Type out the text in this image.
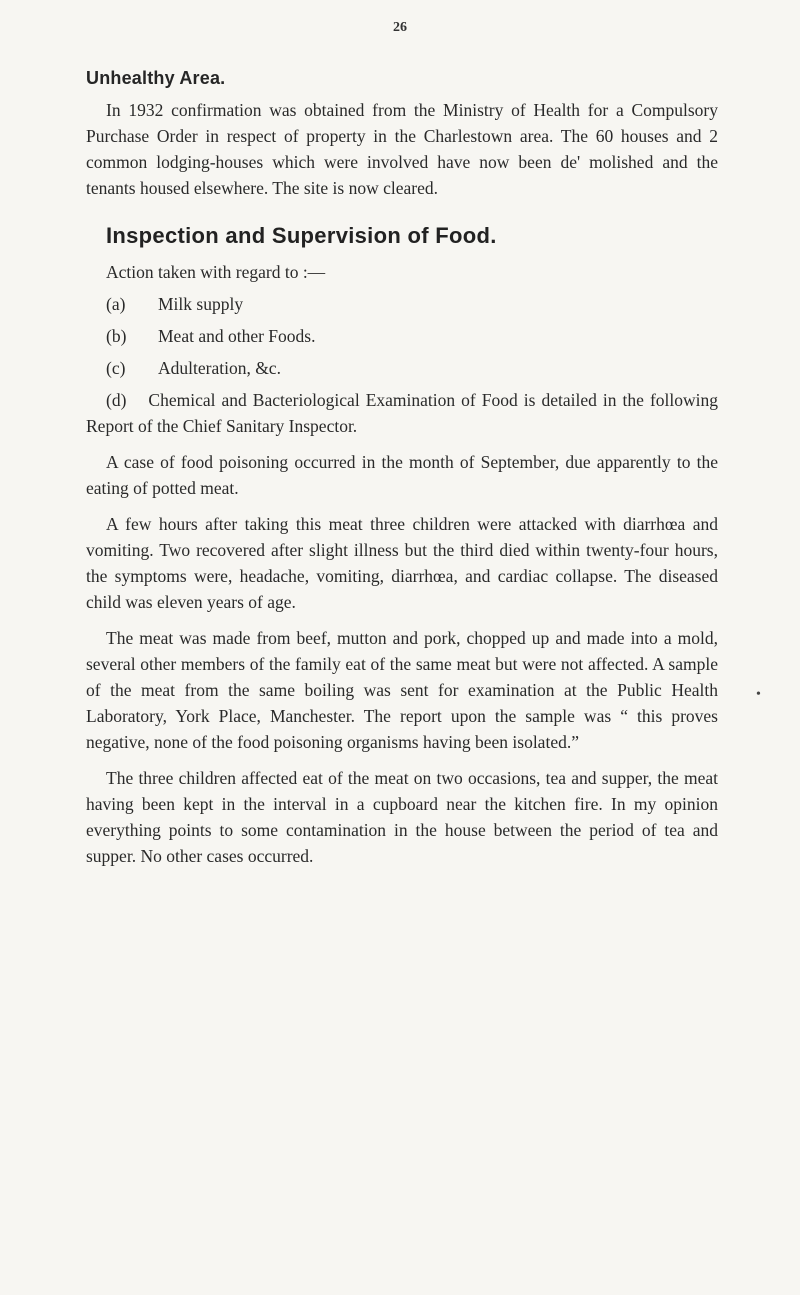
26
Unhealthy Area.

In 1932 confirmation was obtained from the Ministry of Health for a Compulsory Purchase Order in respect of property in the Charlestown area. The 60 houses and 2 common lodging-houses which were involved have now been de' molished and the tenants housed elsewhere. The site is now cleared.

Inspection and Supervision of Food.

Action taken with regard to :—

(a)	Milk supply
(b)	Meat and other Foods.
(c)	Adulteration, &c.

(d) Chemical and Bacteriological Examination of Food is detailed in the following Report of the Chief Sanitary Inspector.

A case of food poisoning occurred in the month of September, due apparently to the eating of potted meat.

A few hours after taking this meat three children were attacked with diarrhœa and vomiting. Two recovered after slight illness but the third died within twenty-four hours, the symptoms were, headache, vomiting, diarrhœa, and cardiac collapse. The diseased child was eleven years of age.

The meat was made from beef, mutton and pork, chopped up and made into a mold, several other members of the family eat of the same meat but were not affected. A sample of the meat from the same boiling was sent for examination at the Public Health Laboratory, York Place, Manchester. The report upon the sample was “ this proves negative, none of the food poisoning organisms having been isolated.”

The three children affected eat of the meat on two occasions, tea and supper, the meat having been kept in the interval in a cupboard near the kitchen fire. In my opinion everything points to some contamination in the house between the period of tea and supper. No other cases occurred.

•
